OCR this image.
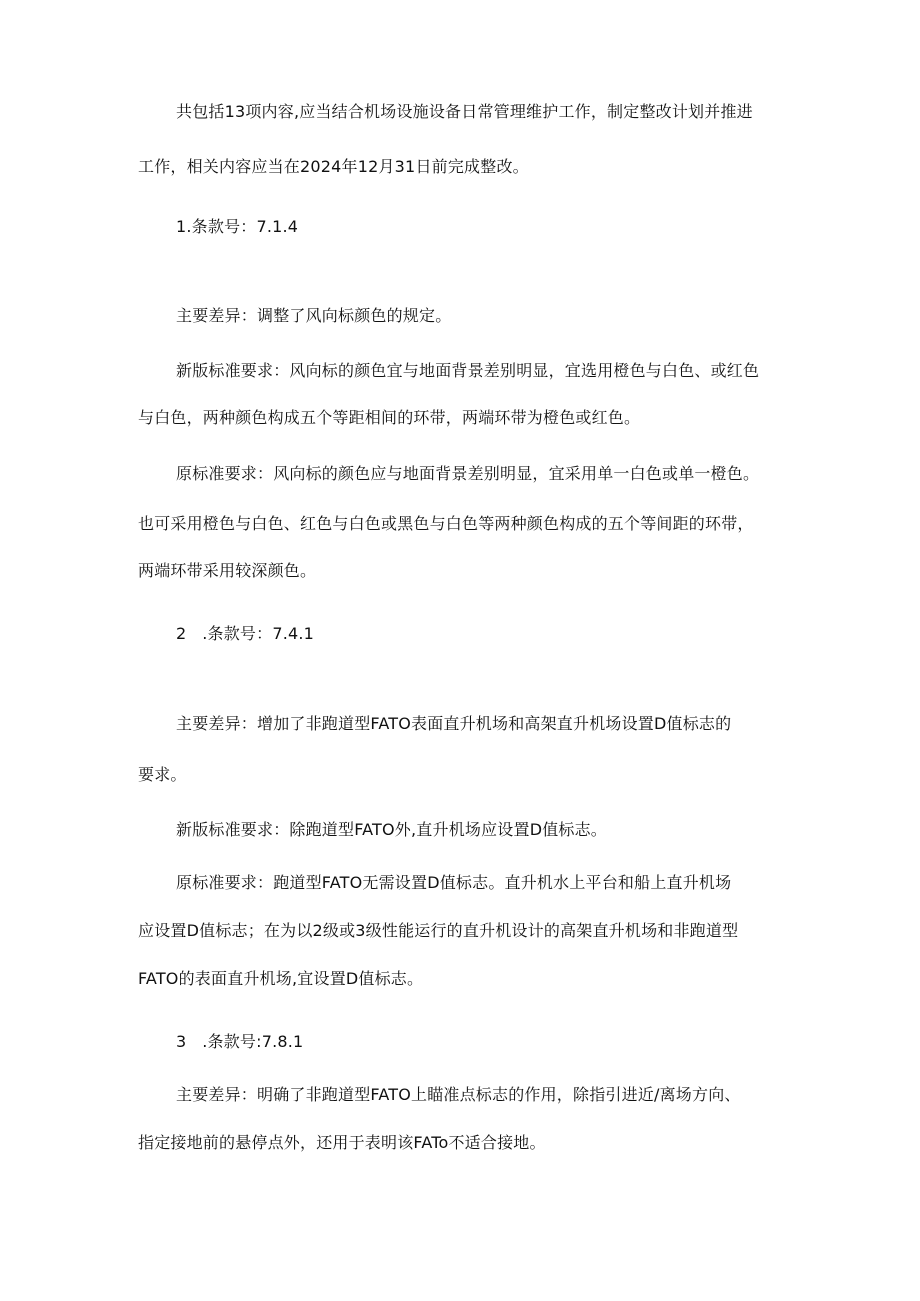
共包括13项内容,应当结合机场设施设备日常管理维护工作，制定整改计划并推进

工作，相关内容应当在2024年12月31日前完成整改。

1.条款号：7.1.4

主要差异：调整了风向标颜色的规定。

新版标准要求：风向标的颜色宜与地面背景差别明显，宜选用橙色与白色、或红色

与白色，两种颜色构成五个等距相间的环带，两端环带为橙色或红色。

原标准要求：风向标的颜色应与地面背景差别明显，宜采用单一白色或单一橙色。

也可采用橙色与白色、红色与白色或黑色与白色等两种颜色构成的五个等间距的环带，

两端环带采用较深颜色。

2   .条款号：7.4.1

主要差异：增加了非跑道型FATO表面直升机场和高架直升机场设置D值标志的

要求。

新版标准要求：除跑道型FATO外,直升机场应设置D值标志。

原标准要求：跑道型FATO无需设置D值标志。直升机水上平台和船上直升机场

应设置D值标志；在为以2级或3级性能运行的直升机设计的高架直升机场和非跑道型

FATO的表面直升机场,宜设置D值标志。

3   .条款号:7.8.1

主要差异：明确了非跑道型FATO上瞄准点标志的作用，除指引进近/离场方向、

指定接地前的悬停点外，还用于表明该FATo不适合接地。
